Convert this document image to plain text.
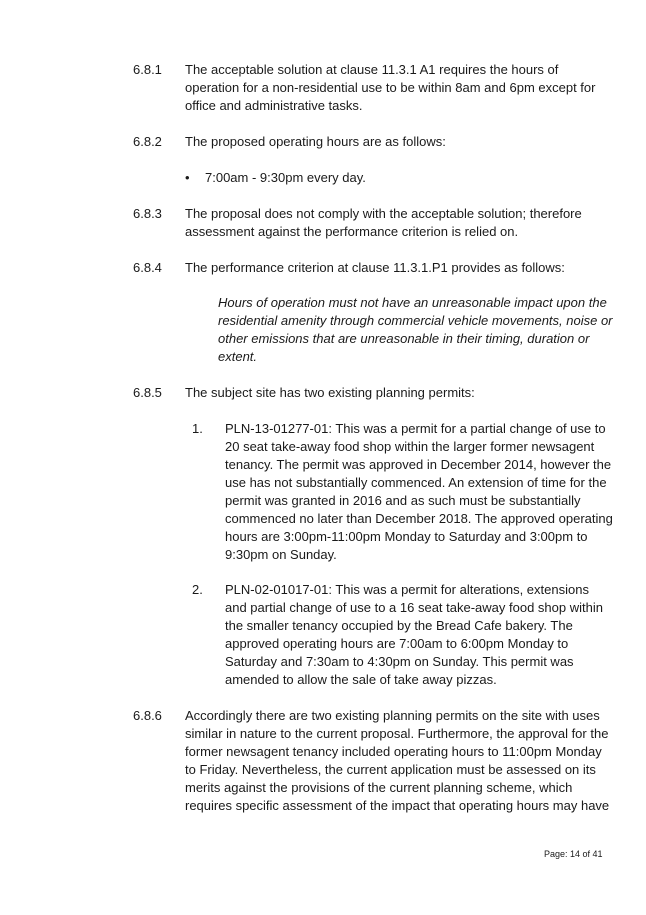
6.8.1	The acceptable solution at clause 11.3.1 A1 requires the hours of operation for a non-residential use to be within 8am and 6pm except for office and administrative tasks.
6.8.2	The proposed operating hours are as follows:
• 7:00am - 9:30pm every day.
6.8.3	The proposal does not comply with the acceptable solution; therefore assessment against the performance criterion is relied on.
6.8.4	The performance criterion at clause 11.3.1.P1 provides as follows:
Hours of operation must not have an unreasonable impact upon the residential amenity through commercial vehicle movements, noise or other emissions that are unreasonable in their timing, duration or extent.
6.8.5	The subject site has two existing planning permits:
1. PLN-13-01277-01: This was a permit for a partial change of use to 20 seat take-away food shop within the larger former newsagent tenancy. The permit was approved in December 2014, however the use has not substantially commenced. An extension of time for the permit was granted in 2016 and as such must be substantially commenced no later than December 2018. The approved operating hours are 3:00pm-11:00pm Monday to Saturday and 3:00pm to 9:30pm on Sunday.
2. PLN-02-01017-01: This was a permit for alterations, extensions and partial change of use to a 16 seat take-away food shop within the smaller tenancy occupied by the Bread Cafe bakery. The approved operating hours are 7:00am to 6:00pm Monday to Saturday and 7:30am to 4:30pm on Sunday. This permit was amended to allow the sale of take away pizzas.
6.8.6	Accordingly there are two existing planning permits on the site with uses similar in nature to the current proposal. Furthermore, the approval for the former newsagent tenancy included operating hours to 11:00pm Monday to Friday. Nevertheless, the current application must be assessed on its merits against the provisions of the current planning scheme, which requires specific assessment of the impact that operating hours may have
Page: 14 of 41
